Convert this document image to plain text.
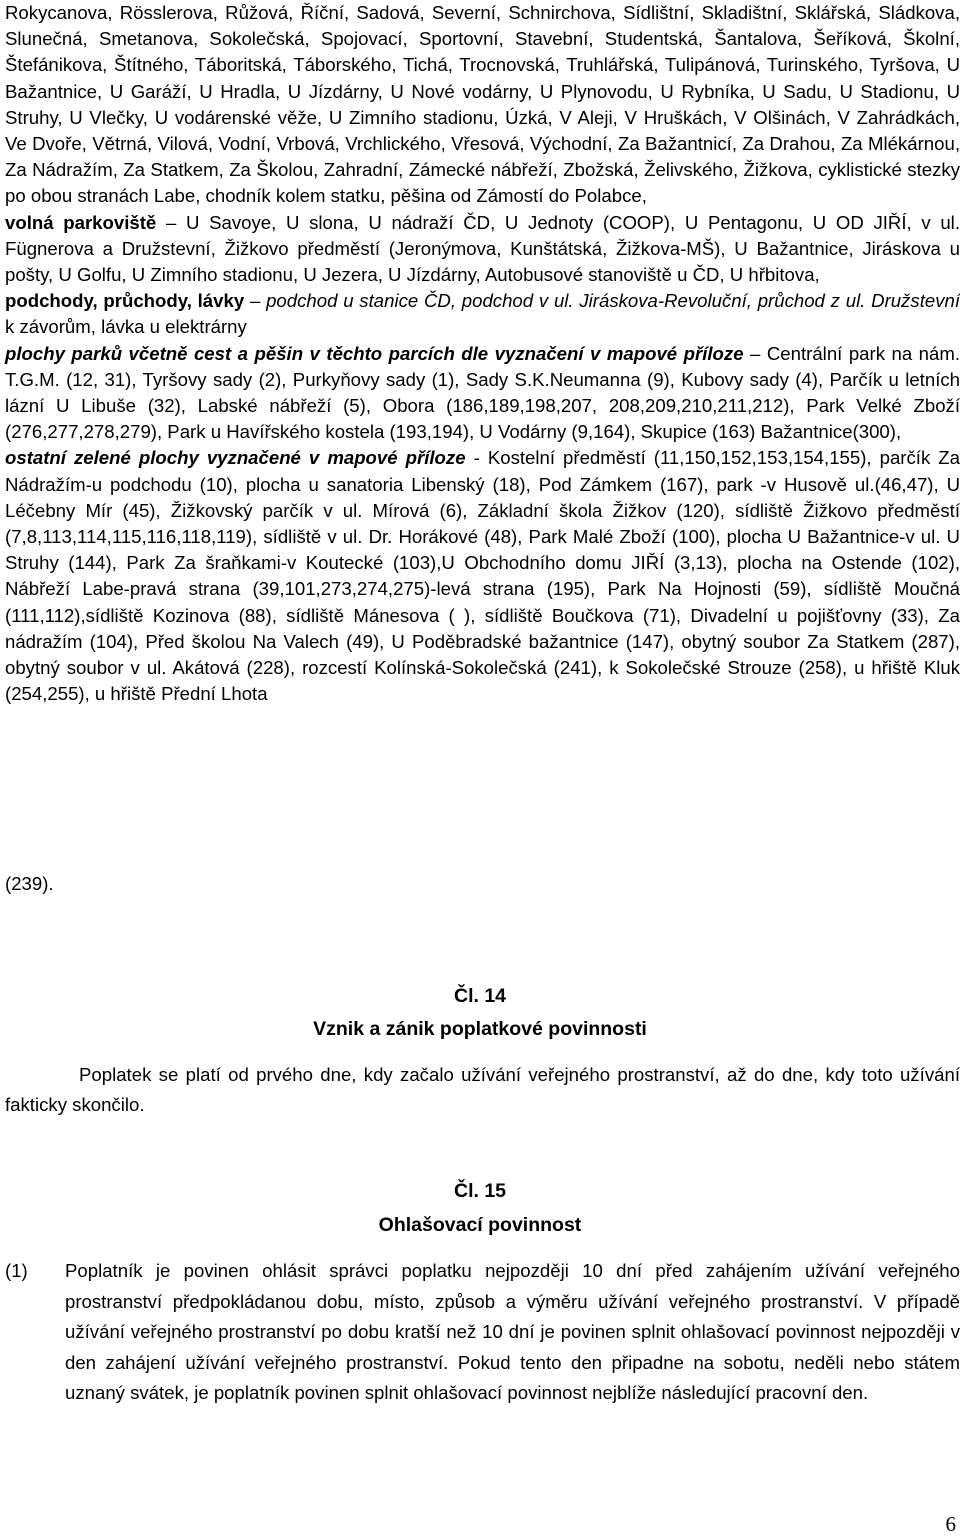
Rokycanova, Rösslerova, Růžová, Říční, Sadová, Severní, Schnirchova, Sídlištní, Skladištní, Sklářská, Sládkova, Slunečná, Smetanova, Sokolečská, Spojovací, Sportovní, Stavební, Studentská, Šantalova, Šeříková, Školní, Štefánikova, Štítného, Táboritská, Táborského, Tichá, Trocnovská, Truhlářská, Tulipánová, Turinského, Tyršova, U Bažantnice, U Garáží, U Hradla, U Jízdárny, U Nové vodárny, U Plynovodu, U Rybníka, U Sadu, U Stadionu, U Struhy, U Vlečky, U vodárenské věže, U Zimního stadionu, Úzká, V Aleji, V Hruškách, V Olšinách, V Zahrádkách, Ve Dvoře, Větrná, Vilová, Vodní, Vrbová, Vrchlického, Vřesová, Východní, Za Bažantnicí, Za Drahou, Za Mlékárnou, Za Nádražím, Za Statkem, Za Školou, Zahradní, Zámecké nábřeží, Zbožská, Želivského, Žižkova, cyklistické stezky po obou stranách Labe, chodník kolem statku, pěšina od Zámostí do Polabce,

volná parkoviště – U Savoye, U slona, U nádraží ČD, U Jednoty (COOP), U Pentagonu, U OD JIŘÍ, v ul. Fügnerova a Družstevní, Žižkovo předměstí (Jeronýmova, Kunštátská, Žižkova-MŠ), U Bažantnice, Jiráskova u pošty, U Golfu, U Zimního stadionu, U Jezera, U Jízdárny, Autobusové stanoviště u ČD, U hřbitova,

podchody, průchody, lávky – podchod u stanice ČD, podchod v ul. Jiráskova-Revoluční, průchod z ul. Družstevní k závorům, lávka u elektrárny

plochy parků včetně cest a pěšin v těchto parcích dle vyznačení v mapové příloze – Centrální park na nám. T.G.M. (12, 31), Tyršovy sady (2), Purkyňovy sady (1), Sady S.K.Neumanna (9), Kubovy sady (4), Parčík u letních lázní U Libuše (32), Labské nábřeží (5), Obora (186,189,198,207, 208,209,210,211,212), Park Velké Zboží (276,277,278,279), Park u Havířského kostela (193,194), U Vodárny (9,164), Skupice (163) Bažantnice(300),

ostatní zelené plochy vyznačené v mapové příloze - Kostelní předměstí (11,150,152,153,154,155), parčík Za Nádražím-u podchodu (10), plocha u sanatoria Libenský (18), Pod Zámkem (167), park -v Husově ul.(46,47), U Léčebny Mír (45), Žižkovský parčík v ul. Mírová (6), Základní škola Žižkov (120), sídliště Žižkovo předměstí (7,8,113,114,115,116,118,119), sídliště v ul. Dr. Horákové (48), Park Malé Zboží (100), plocha U Bažantnice-v ul. U Struhy (144), Park Za šraňkami-v Koutecké (103),U Obchodního domu JIŘÍ (3,13), plocha na Ostende (102), Nábřeží Labe-pravá strana (39,101,273,274,275)-levá strana (195), Park Na Hojnosti (59), sídliště Moučná (111,112),sídliště Kozinova (88), sídliště Mánesova ( ), sídliště Boučkova (71), Divadelní u pojišťovny (33), Za nádražím (104), Před školou Na Valech (49), U Poděbradské bažantnice (147), obytný soubor Za Statkem (287), obytný soubor v ul. Akátová (228), rozcestí Kolínská-Sokolečská (241), k Sokolečské Strouze (258), u hřiště Kluk (254,255), u hřiště Přední Lhota

(239).
Čl. 14
Vznik a zánik poplatkové povinnosti

Poplatek se platí od prvého dne, kdy začalo užívání veřejného prostranství, až do dne, kdy toto užívání fakticky skončilo.

Čl. 15
Ohlašovací povinnost
(1) Poplatník je povinen ohlásit správci poplatku nejpozději 10 dní před zahájením užívání veřejného prostranství předpokládanou dobu, místo, způsob a výměru užívání veřejného prostranství. V případě užívání veřejného prostranství po dobu kratší než 10 dní je povinen splnit ohlašovací povinnost nejpozději v den zahájení užívání veřejného prostranství. Pokud tento den připadne na sobotu, neděli nebo státem uznaný svátek, je poplatník povinen splnit ohlašovací povinnost nejblíže následující pracovní den.
6
